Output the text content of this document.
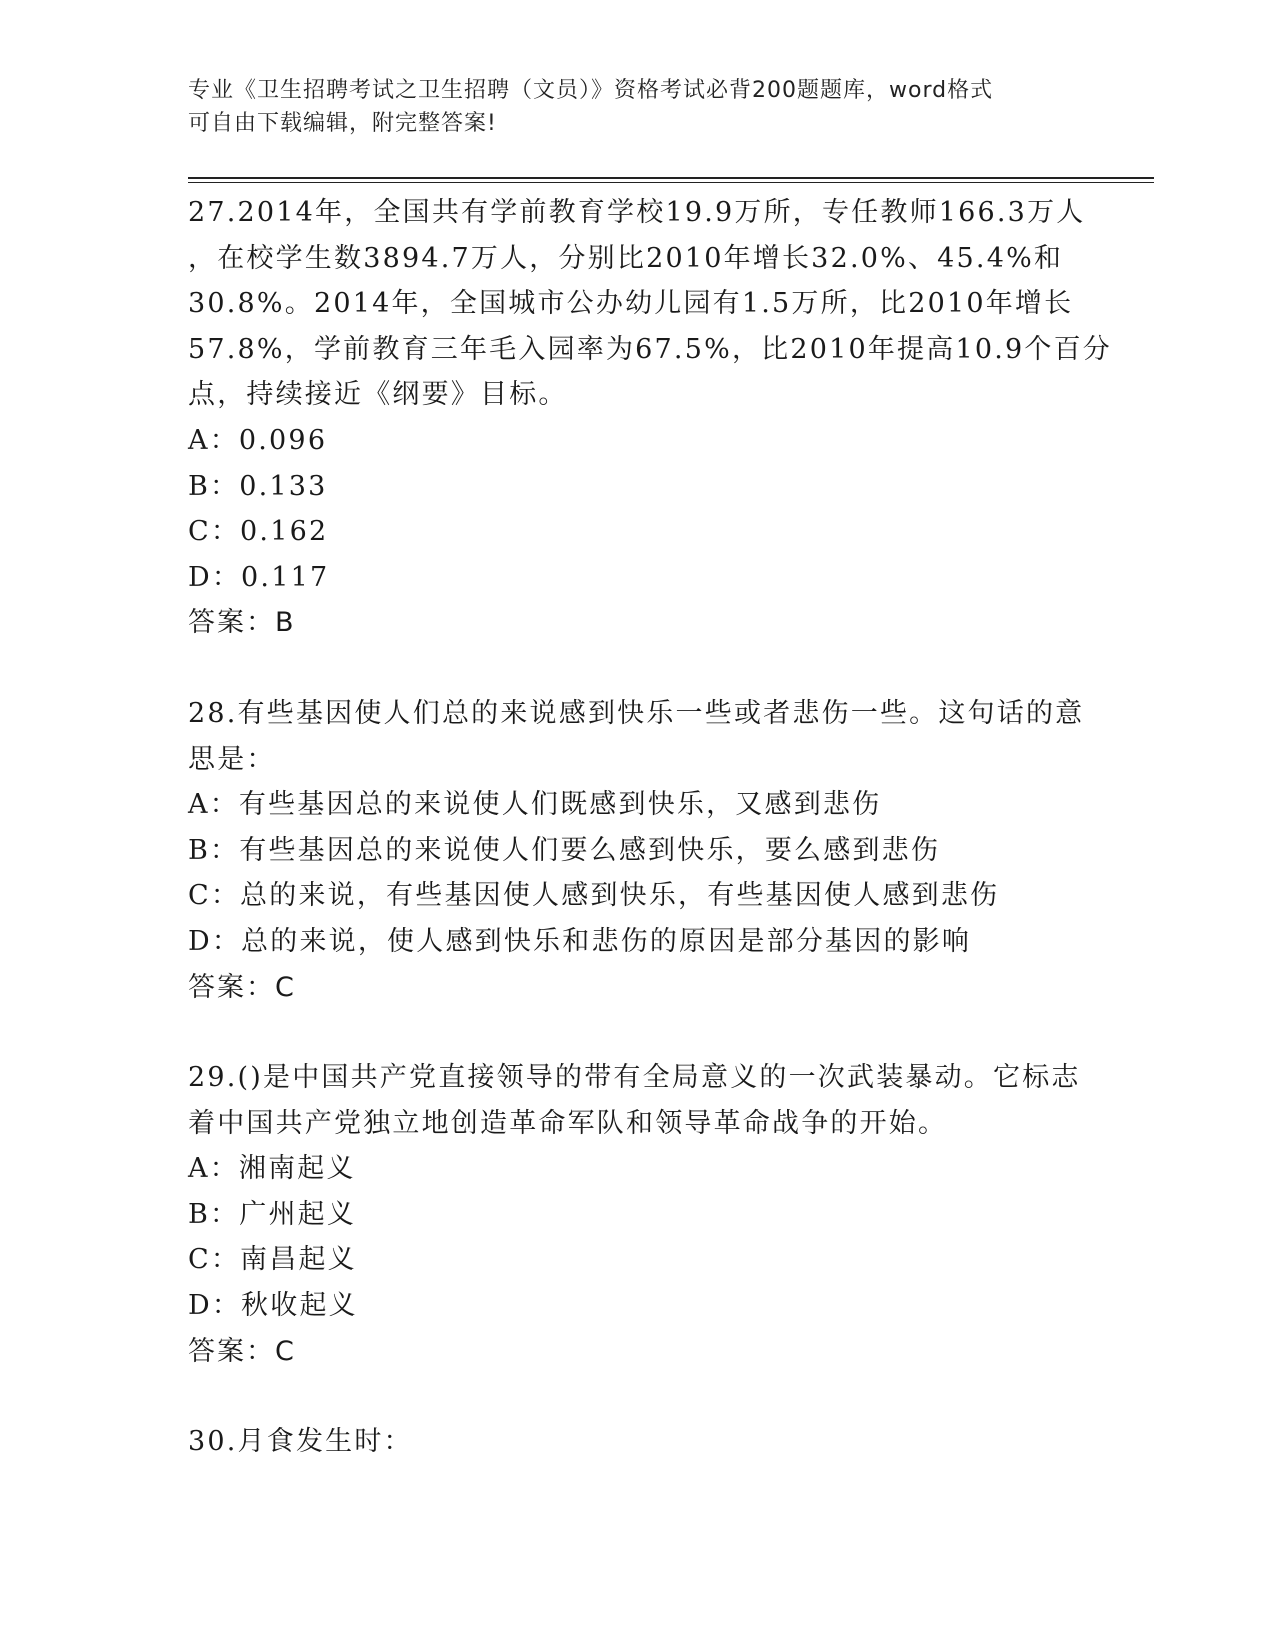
专业《卫生招聘考试之卫生招聘（文员）》资格考试必背200题题库，word格式
可自由下载编辑，附完整答案!
27.2014年，全国共有学前教育学校19.9万所，专任教师166.3万人
，在校学生数3894.7万人，分别比2010年增长32.0%、45.4%和
30.8%。2014年，全国城市公办幼儿园有1.5万所，比2010年增长
57.8%，学前教育三年毛入园率为67.5%，比2010年提高10.9个百分
点，持续接近《纲要》目标。
A：0.096
B：0.133
C：0.162
D：0.117
答案：B
28.有些基因使人们总的来说感到快乐一些或者悲伤一些。这句话的意
思是：
A：有些基因总的来说使人们既感到快乐，又感到悲伤
B：有些基因总的来说使人们要么感到快乐，要么感到悲伤
C：总的来说，有些基因使人感到快乐，有些基因使人感到悲伤
D：总的来说，使人感到快乐和悲伤的原因是部分基因的影响
答案：C
29.()是中国共产党直接领导的带有全局意义的一次武装暴动。它标志
着中国共产党独立地创造革命军队和领导革命战争的开始。
A：湘南起义
B：广州起义
C：南昌起义
D：秋收起义
答案：C
30.月食发生时：
